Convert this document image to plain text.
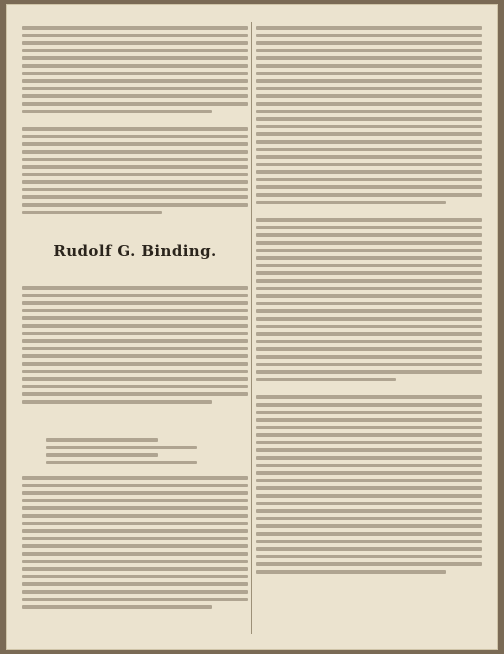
Rudolf G. Binding.
